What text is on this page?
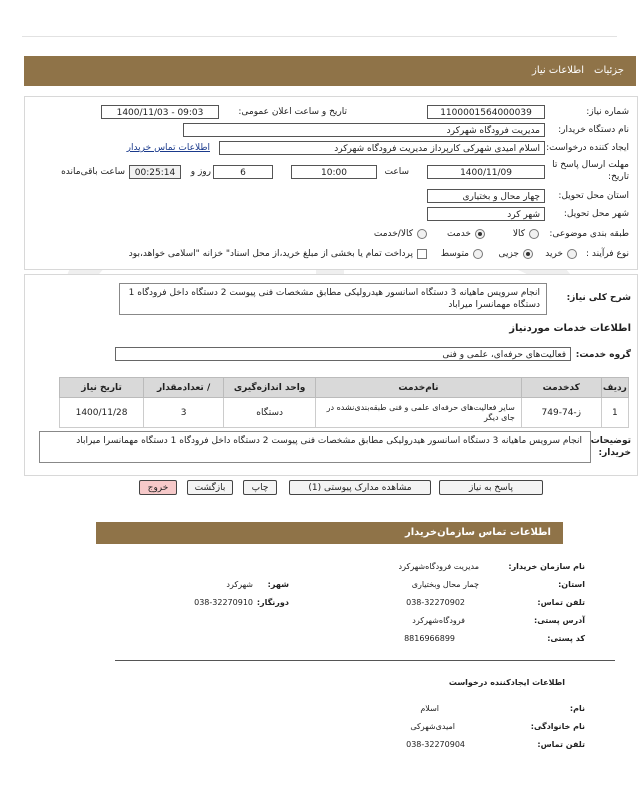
جزئیات
اطلاعات نیاز
شماره نیاز:
1100001564000039
تاریخ و ساعت اعلان عمومی:
1400/11/03 - 09:03
نام دستگاه خریدار:
مدیریت فرودگاه شهرکرد
ایجاد کننده درخواست:
اسلام امیدی شهرکی کارپرداز مدیریت فرودگاه شهرکرد
اطلاعات تماس خریدار
مهلت ارسال پاسخ تا تاریخ:
1400/11/09
ساعت
10:00
6
روز و
00:25:14
ساعت باقی‌مانده
استان محل تحویل:
چهار محال و بختیاری
شهر محل تحویل:
شهر کرد
طبقه بندی موضوعی:
کالا
خدمت
کالا/خدمت
نوع فرآیند :
خرید
جزیی
متوسط
پرداخت تمام یا بخشی از مبلغ خرید،از محل اسناد" خزانه "اسلامی خواهد،بود
شرح کلی نیاز:
انجام سرویس ماهیانه 3 دستگاه اسانسور هیدرولیکی مطابق مشخصات فنی پیوست 2 دستگاه داخل فرودگاه 1 دستگاه مهمانسرا میراباد
اطلاعات خدمات موردنیاز
گروه خدمت:
فعالیت‌های حرفه‌ای، علمی و فنی
ردیف	کدخدمت	نام‌خدمت	واحد اندازه‌گیری	/ تعدادمقدار	تاریخ نیاز
1	ز-74-749	سایر فعالیت‌های حرفه‌ای علمی و فنی طبقه‌بندی‌نشده در جای دیگر	دستگاه	3	1400/11/28
توضیحات خریدار:
انجام سرویس ماهیانه 3 دستگاه اسانسور هیدرولیکی مطابق مشخصات فنی پیوست 2 دستگاه داخل فرودگاه 1 دستگاه مهمانسرا میراباد
پاسخ به نیاز
مشاهده مدارک پیوستی (1)
چاپ
بازگشت
خروج
اطلاعات تماس سازمان‌خریدار
نام سازمان خریدار:
مدیریت فرودگاه‌شهرکرد
استان:
چمار محال وبختیاری
شهر:
شهرکرد
تلفن تماس:
038-32270902
دورنگار:
038-32270910
آدرس پستی:
فرودگاه‌شهرکرد
کد پستی:
8816966899
اطلاعات ایجاد‌کننده درخواست
نام:
اسلام
نام خانوادگی:
امیدی‌شهرکی
تلفن تماس:
038-32270904
